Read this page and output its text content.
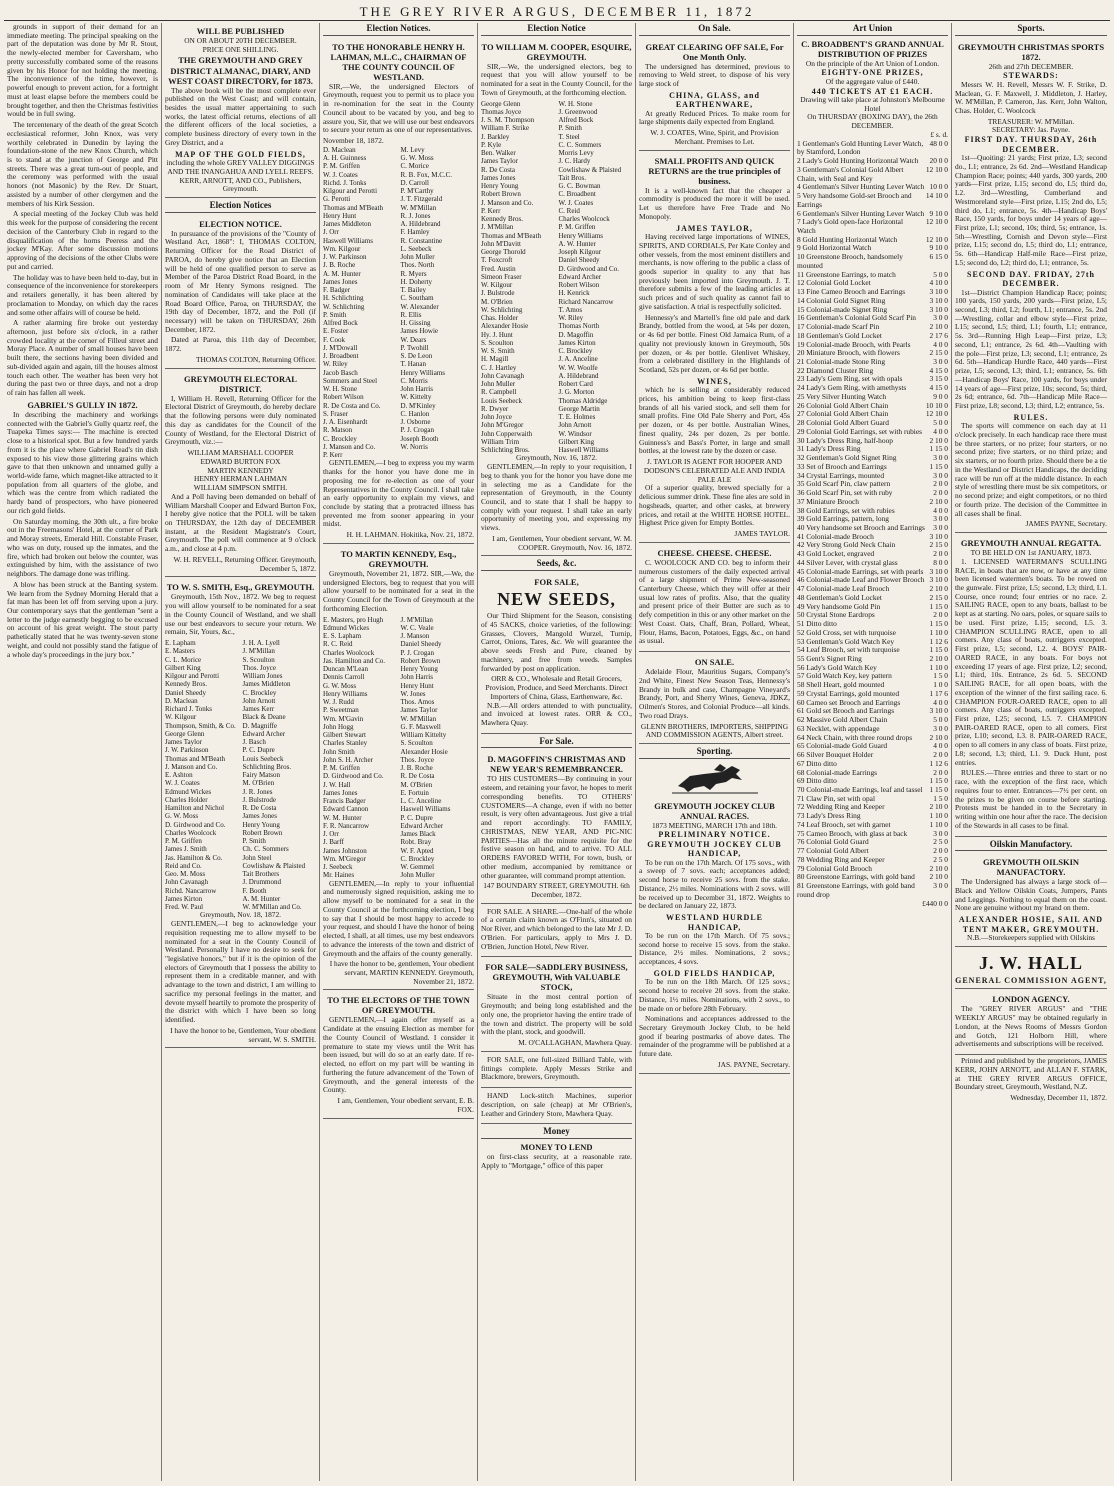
THE GREY RIVER ARGUS, DECEMBER 11, 1872

grounds in support of their demand for an immediate meeting. The principal speaking on the part of the deputation was done by Mr R. Stout, the newly-elected member for Caversham, who pretty successfully combated some of the reasons given by his Honor for not holding the meeting. The inconvenience of the time, however, is powerful enough to prevent action, for a fortnight must at least elapse before the members could be brought together, and then the Christmas festivities would be in full swing.

The tercentenary of the death of the great Scotch ecclesiastical reformer, John Knox, was very worthily celebrated in Dunedin by laying the foundation-stone of the new Knox Church, which is to stand at the junction of George and Pitt streets. There was a great turn-out of people, and the ceremony was performed with the usual honors (not Masonic) by the Rev. Dr Stuart, assisted by a number of other clergymen and the members of his Kirk Session.

A special meeting of the Jockey Club was held this week for the purpose of considering the recent decision of the Canterbury Club in regard to the disqualification of the horns Peeress and the jockey M'Kay. After some discussion motions approving of the decisions of the other Clubs were put and carried.

The holiday was to have been held to-day, but in consequence of the inconvenience for storekeepers and retailers generally, it has been altered by proclamation to Monday, on which day the races and some other affairs will of course be held.

A rather alarming fire broke out yesterday afternoon, just before six o'clock, in a rather crowded locality at the corner of Filleul street and Moray Place. A number of small houses have been built there, the sections having been divided and sub-divided again and again, till the houses almost touch each other. The weather has been very hot during the past two or three days, and not a drop of rain has fallen all week.

GABRIEL'S GULLY IN 1872.

In describing the machinery and workings connected with the Gabriel's Gully quartz reef, the Tuapeka Times says:— The machine is erected close to a historical spot. But a few hundred yards from it is the place where Gabriel Read's tin dish exposed to his view those glittering grains which gave to that then unknown and unnamed gully a world-wide fame, which magnet-like attracted to it population from all quarters of the globe, and which was the centre from which radiated the hardy band of prospectors, who have pioneered our rich gold fields.

On Saturday morning, the 30th ult., a fire broke out in the Freemasons' Hotel, at the corner of Park and Moray streets, Emerald Hill. Constable Fraser, who was on duty, roused up the inmates, and the fire, which had broken out below the counter, was extinguished by him, with the assistance of two neighbors. The damage done was trifling.

A blow has been struck at the Banting system. We learn from the Sydney Morning Herald that a fat man has been let off from serving upon a jury. Our contemporary says that the gentleman "sent a letter to the judge earnestly begging to be excused on account of his great weight. The stout party pathetically stated that he was twenty-seven stone weight, and could not possibly stand the fatigue of a whole day's proceedings in the jury box."

WILL BE PUBLISHED
ON OR ABOUT 20TH DECEMBER.
PRICE ONE SHILLING.
THE GREYMOUTH AND GREY DISTRICT ALMANAC, DIARY, AND WEST COAST DIRECTORY, for 1873.

The above book will be the most complete ever published on the West Coast; and will contain, besides the usual matter appertaining to such works, the latest official returns, elections of all the different officers of the local societies, a complete business directory of every town in the Grey District, and a

MAP OF THE GOLD FIELDS,
including the whole GREY VALLEY DIGGINGS AND THE INANGAHUA AND LYELL REEFS.
KERR, ARNOTT, AND CO., Publishers, Greymouth.
Election Notices
ELECTION NOTICE.

In pursuance of the provisions of the "County of Westland Act, 1868": I, THOMAS COLTON, Returning Officer for the Road District of PAROA, do hereby give notice that an Election will be held of one qualified person to serve as Member of the Paroa District Road Board, in the room of Mr Henry Symons resigned. The nomination of Candidates will take place at the Road Board Office, Paroa, on THURSDAY, the 19th day of December, 1872, and the Poll (if necessary) will be taken on THURSDAY, 26th December, 1872.

Dated at Paroa, this 11th day of December, 1872.

THOMAS COLTON, Returning Officer.
GREYMOUTH ELECTORAL DISTRICT.

I, William H. Revell, Returning Officer for the Electoral District of Greymouth, do hereby declare that the following persons were duly nominated this day as candidates for the Council of the County of Westland, for the Electoral District of Greymouth, viz.:—

WILLIAM MARSHALL COOPER
EDWARD BURTON FOX
MARTIN KENNEDY
HENRY HERMAN LAHMAN
WILLIAM SIMPSON SMITH.

And a Poll having been demanded on behalf of William Marshall Cooper and Edward Burton Fox, I hereby give notice that the POLL will be taken on THURSDAY, the 12th day of DECEMBER instant, at the Resident Magistrate's Court, Greymouth. The poll will commence at 9 o'clock a.m., and close at 4 p.m.

W. H. REVELL, Returning Officer. Greymouth, December 5, 1872.
TO W. S. SMITH, Esq., GREYMOUTH.

Greymouth, 15th Nov., 1872. We beg to request you will allow yourself to be nominated for a seat in the County Council of Westland, and we shall use our best endeavors to secure your return. We remain, Sir, Yours, &c.,

E. Lapham	J. H. A. Lyell
E. Masters	J. M'Millan
C. L. Morice	S. Scoulton
Gilbert King	Thos. Joyce
Kilgour and Perotti	William Jones
Kennedy Bros.	James Middleton
Daniel Sheedy	C. Brockley
D. Maclean	John Arnott
Richard J. Tonks	James Kerr
W. Kilgour	Black & Deane
Thompson, Smith, & Co. D. Magniffe
George Glenn	Edward Archer
James Taylor	J. Basch
J. W. Parkinson	P. C. Dupre
Thomas and M'Beath	Louis Seebeck
J. Manson and Co.	Schlichting Bros.
E. Ashton	Fairy Matson
W. J. Coates	M. O'Brien
Edmund Wickes	J. R. Jones
Charles Holder	J. Bulstrode
Hamilton and Nichol	R. De Costa
G. W. Moss	James Jones
D. Girdwood and Co.	Henry Young
Charles Woolcock	Robert Brown
P. M. Griffen	P. Smith
James J. Smith	Ch. C. Sommers
Jas. Hamilton & Co.	John Steel
Reid and Co.	Cowlishaw & Plaisted
Geo. M. Moss	Tait Brothers
John Cavanagh	J. Drummond
Richd. Nancarrow	F. Booth
James Kirton	A. M. Hunter
Fred. W. Paul	W. M'Millan and Co.
Greymouth, Nov. 18, 1872.

GENTLEMEN,—I beg to acknowledge your requisition requesting me to allow myself to be nominated for a seat in the County Council of Westland. Personally I have no desire to seek for "legislative honors," but if it is the opinion of the electors of Greymouth that I possess the ability to represent them in a creditable manner, and with advantage to the town and district, I am willing to sacrifice my personal feelings in the matter, and devote myself heartily to promote the prosperity of the district with which I have been so long identified.

I have the honor to be, Gentlemen, Your obedient servant, W. S. SMITH.
Election Notices.
TO THE HONORABLE HENRY H. LAHMAN, M.L.C., CHAIRMAN OF THE COUNTY COUNCIL OF WESTLAND.

SIR,—We, the undersigned Electors of Greymouth, request you to permit us to place you in re-nomination for the seat in the County Council about to be vacated by you, and beg to assure you, Sir, that we will use our best endeavors to secure your return as one of our representatives.

November 18, 1872.
D. Maclean	M. Levy
A. H. Guinness	G. W. Moss
P. M. Griffen	C. Morice
W. J. Coates	R. B. Fox, M.C.C.
Richd. J. Tonks	D. Carroll
Kilgour and Perotti	P. M'Carthy
G. Perotti	J. T. Fitzgerald
Thomas and M'Beath	W. M'Millan
Henry Hunt	R. J. Jones
James Middleton	A. Hildebrand
J. Orr	F. Hamley
Haswell Williams	R. Constantine
Wm. Kilgour	L. Seebeck
J. W. Parkinson	John Muller
J. B. Roche	Thos. North
A. M. Hunter	R. Myers
James Jones	H. Doherty
F. Badger	T. Bailey
H. Schlichting	C. Southam
W. Schlichting	W. Alexander
P. Smith	R. Ellis
Alfred Bock	H. Gissing
E. Foster	James Howie
F. Cook	W. Dears
J. M'Dowall	P. Twohill
J. Broadbent	S. De Leon
W. Riley	T. Hanan
Jacob Basch	Henry Williams
Sommers and Steel	C. Morris
W. H. Stone	John Harris
Robert Wilson	W. Kittelty
R. De Costa and Co.	D. M'Kinley
S. Fraser	C. Hanlon
J. A. Eisenhardt	J. Osborne
R. Matson	P. J. Crogan
C. Brockley	Joseph Booth
J. Manson and Co.	W. Norris
P. Kerr

GENTLEMEN,—I beg to express you my warm thanks for the honor you have done me in proposing me for re-election as one of your Representatives in the County Council. I shall take an early opportunity to explain my views, and conclude by stating that a protracted illness has prevented me from sooner appearing in your midst.

H. H. LAHMAN. Hokitika, Nov. 21, 1872.
TO MARTIN KENNEDY, Esq., GREYMOUTH.

Greymouth, November 21, 1872. SIR,—We, the undersigned Electors, beg to request that you will allow yourself to be nominated for a seat in the County Council for the Town of Greymouth at the forthcoming Election.

E. Masters, pro Hugh	J. M'Millan
Edmund Wickes	W. C. Veale
E. S. Lapham	J. Manson
R. C. Reid	Daniel Sheedy
Charles Woolcock	P. J. Crogan
Jas. Hamilton and Co.	Robert Brown
Duncan M'Lean	Henry Young
Dennis Carroll	John Harris
G. W. Moss	Henry Hunt
Henry Williams	W. Jones
W. J. Rudd	Thos. Amos
P. Sweetman	James Taylor
Wm. M'Gavin	W. M'Millan
John Hogg	G. F. Maxwell
Gilbert Stewart	William Kittelty
Charles Stanley	S. Scoulton
John Smith	Alexander Hosie
John S. H. Archer	Thos. Joyce
P. M. Griffen	J. B. Roche
D. Girdwood and Co.	R. De Costa
J. W. Hall	M. O'Brien
James Jones	E. Fortuin
Francis Badger	L. C. Anceline
Edward Cannon	Haswell Williams
W. M. Hunter	P. C. Dupre
F. R. Nancarrow	Edward Archer
J. Orr	James Black
J. Barff	Robt. Bray
James Johnston	W. F. Apted
Wm. M'Gregor	C. Brockley
J. Seebeck	W. Gemmel
Mr. Haines	John Muller

GENTLEMEN,—In reply to your influential and numerously signed requisition, asking me to allow myself to be nominated for a seat in the County Council at the forthcoming election, I beg to say that I should be most happy to accede to your request, and should I have the honor of being elected, I shall, at all times, use my best endeavors to advance the interests of the town and district of Greymouth and the affairs of the county generally.

I have the honor to be, gentlemen, Your obedient servant, MARTIN KENNEDY. Greymouth, November 21, 1872.
TO THE ELECTORS OF THE TOWN OF GREYMOUTH.

GENTLEMEN,—I again offer myself as a Candidate at the ensuing Election as member for the County Council of Westland. I consider it premature to state my views until the Writ has been issued, but will do so at an early date. If re-elected, no effort on my part will be wanting in furthering the future advancement of the Town of Greymouth, and the general interests of the County.

I am, Gentlemen, Your obedient servant, E. B. FOX.
Election Notice
TO WILLIAM M. COOPER, ESQUIRE, GREYMOUTH.

SIR,—We, the undersigned electors, beg to request that you will allow yourself to be nominated for a seat in the County Council, for the Town of Greymouth, at the forthcoming election.

George Glenn	W. H. Stone
Thomas Joyce	J. Greenwood
J. S. M. Thompson	Alfred Bock
William F. Strike	P. Smith
J. Barkley	T. Steel
P. Kyle	C. C. Sommers
Ben. Walker	Morris Levy
James Taylor	J. C. Hardy
R. De Costa	Cowlishaw & Plaisted
James Jones	Tait Bros.
Henry Young	G. C. Bowman
Robert Brown	C. Broadbent
J. Manson and Co.	W. J. Coates
P. Kerr	C. Reid
Kennedy Bros.	Charles Woolcock
J. M'Millan	P. M. Griffen
Thomas and M'Beath	Henry Williams
John M'Davitt	A. W. Hunter
George Thorold	Joseph Kilgour
T. Foxcroft	Daniel Sheedy
Fred. Austin	D. Girdwood and Co.
Simeon Fraser	Edward Archer
W. Kilgour	Robert Wilson
J. Bulstrode	H. Kenrick
M. O'Brien	Richard Nancarrow
W. Schlichting	T. Amos
Chas. Holder	W. Riley
Alexander Hosie	Thomas North
Hy. J. Hunt	D. Magoffin
S. Scoulton	James Kirton
W. S. Smith	C. Brockley
H. Magill	J. A. Anceline
C. J. Hartley	W. W. Woolfe
John Cavanagh	A. Hildebrand
John Muller	Robert Card
R. Campbell	J. G. Morton
Louis Seebeck	Thomas Aldridge
R. Dwyer	George Martin
John Joyce	T. E. Holmes
John M'Gregor	John Arnott
John Copperwaith	W. Windsor
William Trim	Gilbert King
Schlichting Bros.	Haswell Williams
Greymouth, Nov. 16, 1872.

GENTLEMEN,—In reply to your requisition, I beg to thank you for the honor you have done me in selecting me as a Candidate for the representation of Greymouth, in the County Council, and to state that I shall be happy to comply with your request. I shall take an early opportunity of meeting you, and expressing my views.

I am, Gentlemen, Your obedient servant, W. M. COOPER. Greymouth, Nov. 16, 1872.
Seeds, &c.
FOR SALE,
NEW SEEDS,

Our Third Shipment for the Season, consisting of 45 SACKS, choice varieties, of the following: Grasses, Clovers, Mangold Wurzel, Turnip, Carrot, Onions, Tares, &c. We will guarantee the above seeds Fresh and Pure, cleaned by machinery, and free from weeds. Samples forwarded by post on application.

ORR & CO., Wholesale and Retail Grocers, Provision, Produce, and Seed Merchants. Direct Importers of China, Glass, Earthenware, &c.

N.B.—All orders attended to with punctuality, and invoiced at lowest rates. ORR & CO., Mawhera Quay.

For Sale.
D. MAGOFFIN'S CHRISTMAS AND NEW YEAR'S REMEMBRANCER.

TO HIS CUSTOMERS—By continuing in your esteem, and retaining your favor, he hopes to merit corresponding benefits. TO OTHERS' CUSTOMERS—A change, even if with no better result, is very often advantageous. Just give a trial and report accordingly. TO FAMILY, CHRISTMAS, NEW YEAR, AND PIC-NIC PARTIES—Has all the minute requisite for the festive season on hand, and to arrive. TO ALL ORDERS FAVORED WITH, For town, bush, or other medium, accompanied by remittance or other guarantee, will command prompt attention.

147 BOUNDARY STREET, GREYMOUTH. 6th December, 1872.

FOR SALE. A SHARE.—One-half of the whole of a certain claim known as O'Finn's, situated on Nor River, and which belonged to the late Mr J. D. O'Brien. For particulars, apply to Mrs J. D. O'Brien, Junction Hotel, New River.

FOR SALE—SADDLERY BUSINESS, GREYMOUTH, With VALUABLE STOCK,

Situate in the most central portion of Greymouth; and being long established and the only one, the proprietor having the entire trade of the town and district. The property will be sold with the plant, stock, and goodwill.

M. O'CALLAGHAN, Mawhera Quay.

FOR SALE, one full-sized Billiard Table, with fittings complete. Apply Messrs Strike and Blackmore, brewers, Greymouth.

HAND Lock-stitch Machines, superior description, on sale (cheap) at Mr O'Brien's, Leather and Grindery Store, Mawhera Quay.

Money
MONEY TO LEND

on first-class security, at a reasonable rate. Apply to "Mortgage," office of this paper

On Sale.
GREAT CLEARING OFF SALE, For One Month Only.

The undersigned has determined, previous to removing to Weld street, to dispose of his very large stock of

CHINA, GLASS, and EARTHENWARE,

At greatly Reduced Prices. To make room for large shipments daily expected from England.

W. J. COATES, Wine, Spirit, and Provision Merchant. Premises to Let.
SMALL PROFITS AND QUICK RETURNS are the true principles of business.

It is a well-known fact that the cheaper a commodity is produced the more it will be used. Let us therefore have Free Trade and No Monopoly.

JAMES TAYLOR,

Having received large importations of WINES, SPIRITS, AND CORDIALS, Per Kate Conley and other vessels, from the most eminent distillers and merchants, is now offering to the public a class of goods superior in quality to any that has previously been imported into Greymouth. J. T. therefore submits a few of the leading articles at such prices and of such quality as cannot fail to give satisfaction. A trial is respectfully solicited.

Hennessy's and Martell's fine old pale and dark Brandy, bottled from the wood, at 54s per dozen, or 4s 6d per bottle. Finest Old Jamaica Rum, of a quality not previously known in Greymouth, 50s per dozen, or 4s per bottle. Glenlivet Whiskey, from a celebrated distillery in the Highlands of Scotland, 52s per dozen, or 4s 6d per bottle.

WINES,

which he is selling at considerably reduced prices, his ambition being to keep first-class brands of all his varied stock, and sell them for small profits. Fine Old Pale Sherry and Port, 45s per dozen, or 4s per bottle. Australian Wines, finest quality, 24s per dozen, 2s per bottle. Guinness's and Bass's Porter, in large and small bottles, at the lowest rate by the dozen or case.

J. TAYLOR IS AGENT FOR HOOPER AND DODSON'S CELEBRATED ALE AND INDIA PALE ALE

Of a superior quality, brewed specially for a delicious summer drink. These fine ales are sold in hogsheads, quarter, and other casks, at brewery prices, and retail at the WHITE HORSE HOTEL. Highest Price given for Empty Bottles.

JAMES TAYLOR.
CHEESE. CHEESE. CHEESE.

C. WOOLCOCK AND CO. beg to inform their numerous customers of the daily expected arrival of a large shipment of Prime New-seasoned Canterbury Cheese, which they will offer at their usual low rates of profits. Also, that the quality and present price of their Butter are such as to defy competition in this or any other market on the West Coast. Oats, Chaff, Bran, Pollard, Wheat, Flour, Hams, Bacon, Potatoes, Eggs, &c., on hand as usual.

ON SALE.

Adelaide Flour, Mauritius Sugars, Company's 2nd White, Finest New Season Teas, Hennessy's Brandy in bulk and case, Champagne Vineyard's Brandy, Port, and Sherry Wines, Geneva, JDKZ, Oilmen's Stores, and Colonial Produce—all kinds. Two road Drays.

GLENN BROTHERS, IMPORTERS, SHIPPING AND COMMISSION AGENTS, Albert street.
Sporting.
GREYMOUTH JOCKEY CLUB ANNUAL RACES.
1873 MEETING, MARCH 17th and 18th.
PRELIMINARY NOTICE.
GREYMOUTH JOCKEY CLUB HANDICAP,

To be run on the 17th March. Of 175 sovs., with a sweep of 7 sovs. each; acceptances added; second horse to receive 25 sovs. from the stake. Distance, 2½ miles. Nominations with 2 sovs. will be received up to December 31, 1872. Weights to be declared on January 22, 1873.

WESTLAND HURDLE HANDICAP,

To be run on the 17th March. Of 75 sovs.; second horse to receive 15 sovs. from the stake. Distance, 2½ miles. Nominations, 2 sovs.; acceptances, 4 sovs.

GOLD FIELDS HANDICAP,

To be run on the 18th March. Of 125 sovs.; second horse to receive 20 sovs. from the stake. Distance, 1½ miles. Nominations, with 2 sovs., to be made on or before 28th February.

Nominations and acceptances addressed to the Secretary Greymouth Jockey Club, to be held good if bearing postmarks of above dates. The remainder of the programme will be published at a future date.

JAS. PAYNE, Secretary.
Art Union
C. BROADBENT'S GRAND ANNUAL DISTRIBUTION OF PRIZES
On the principle of the Art Union of London.
EIGHTY-ONE PRIZES,
Of the aggregate value of £440.
440 TICKETS AT £1 EACH.
Drawing will take place at Johnston's Melbourne Hotel
On THURSDAY (BOXING DAY), the 26th DECEMBER.
£ s. d.
1 Gentleman's Gold Hunting Lever Watch, by Stamford, London
48 0 0
2 Lady's Gold Hunting Horizontal Watch	20 0 0
3 Gentleman's Colonial Gold Albert Chain, with Seal and Key
12 10 0
4 Gentleman's Silver Hunting Lever Watch 10 0 0
5 Very handsome Gold-set Brooch and Earrings
14 10 0
6 Gentleman's Silver Hunting Lever Watch 9 10 0
7 Lady's Gold open-face Horizontal Watch
12 10 0
8 Gold Hunting Horizontal Watch	12 10 0
9 Gold Horizontal Watch	9 10 0
10 Greenstone Brooch, handsomely mounted
6 15 0
11 Greenstone Earrings, to match	5 0 0
12 Colonial Gold Locket	4 10 0
13 Fine Cameo Brooch and Earrings	3 10 0
14 Colonial Gold Signet Ring	3 10 0
15 Colonial-made Signet Ring	3 10 0
16 Gentleman's Colonial Gold Scarf Pin	3 0 0
17 Colonial-made Scarf Pin	2 10 0
18 Gentleman's Gold Locket	2 17 6
19 Colonial-made Brooch, with Pearls	4 0 0
20 Miniature Brooch, with flowers	2 15 0
21 Colonial-made Stone Ring	3 0 0
22 Diamond Cluster Ring	4 15 0
23 Lady's Gem Ring, set with opals	3 15 0
24 Lady's Gem Ring, with amethysts	4 15 0
25 Very Silver Hunting Watch	9 0 0
26 Colonial Gold Albert Chain	10 10 0
27 Colonial Gold Albert Chain	12 10 0
28 Colonial Gold Albert Guard	5 0 0
29 Colonial Gold Earrings, set with rubies	4 0 0
30 Lady's Dress Ring, half-hoop	2 10 0
31 Lady's Dress Ring	1 15 0
32 Gentleman's Gold Signet Ring	3 0 0
33 Set of Brooch and Earrings	1 15 0
34 Crystal Earrings, mounted	3 0 0
35 Gold Scarf Pin, claw pattern	2 0 0
36 Gold Scarf Pin, set with ruby	2 0 0
37 Miniature Brooch	2 10 0
38 Gold Earrings, set with rubies	4 0 0
39 Gold Earrings, pattern, long	3 0 0
40 Very handsome set Brooch and Earrings	3 0 0
41 Colonial-made Brooch	3 10 0
42 Very Strong Gold Neck Chain	2 15 0
43 Gold Locket, engraved	2 0 0
44 Silver Lever, with crystal glass	8 0 0
45 Colonial-made Earrings, set with pearls 3 10 0
46 Colonial-made Leaf and Flower Brooch 3 10 0
47 Colonial-made Leaf Brooch	2 10 0
48 Gentleman's Gold Locket	2 15 0
49 Very handsome Gold Pin	1 15 0
50 Crystal Stone Eardrops	2 0 0
51 Ditto ditto	1 15 0
52 Gold Cross, set with turquoise	1 10 0
53 Gentleman's Gold Watch Key	1 12 6
54 Leaf Brooch, set with turquoise	1 15 0
55 Gent's Signet Ring	2 10 0
56 Lady's Gold Watch Key	1 10 0
57 Gold Watch Key, key pattern	1 5 0
58 Shell Heart, gold mounted	1 0 0
59 Crystal Earrings, gold mounted	1 17 6
60 Cameo set Brooch and Earrings	4 0 0
61 Gold set Brooch and Earrings	3 10 0
62 Massive Gold Albert Chain	5 0 0
63 Necklet, with appendage	3 0 0
64 Neck Chain, with three round drops	2 10 0
65 Colonial-made Gold Guard	4 0 0
66 Silver Bouquet Holder	2 0 0
67 Ditto ditto	1 12 6
68 Colonial-made Earrings	2 0 0
69 Ditto ditto	1 15 0
70 Colonial-made Earrings, leaf and tassel 1 15 0
71 Claw Pin, set with opal	1 5 0
72 Wedding Ring and Keeper	2 10 0
73 Lady's Dress Ring	1 10 0
74 Leaf Brooch, set with garnet	1 10 0
75 Cameo Brooch, with glass at back	3 0 0
76 Colonial Gold Guard	2 5 0
77 Colonial Gold Albert	2 0 0
78 Wedding Ring and Keeper	2 5 0
79 Colonial Gold Brooch	2 10 0
80 Greenstone Earrings, with gold band	2 10 0
81 Greenstone Earrings, with gold band round drop
3 0 0
£440 0 0
Sports.
GREYMOUTH CHRISTMAS SPORTS 1872.
26th and 27th DECEMBER.
STEWARDS:

Messrs W. H. Revell, Messrs W. F. Strike, D. Maclean, G. F. Maxwell, J. Middleton, J. Harley, W. M'Millan, P. Cameron, Jas. Kerr, John Walton, Chas. Holder, C. Woolcock

TREASURER: W. M'Millan.
SECRETARY: Jas. Payne.
FIRST DAY. THURSDAY, 26th DECEMBER.

1st—Quoiting: 21 yards; First prize, L3; second do., L1; entrance, 2s 6d. 2nd—Westland Handicap Champion Race; points; 440 yards, 300 yards, 200 yards—First prize, L15; second do, L5; third do, L2. 3rd—Wrestling, Cumberland and Westmoreland style—First prize, L15; 2nd do, L5; third do, L1; entrance, 5s. 4th—Handicap Boys' Race, 150 yards, for boys under 14 years of age—First prize, L1; second, 10s; third, 5s; entrance, 1s. 5th—Wrestling, Cornish and Devon style—First prize, L15; second do, L5; third do, L1; entrance, 5s. 6th—Handicap Half-mile Race—First prize, L5; second do, L2; third do, L1; entrance, 5s.

SECOND DAY. FRIDAY, 27th DECEMBER.

1st—District Champion Handicap Race; points; 100 yards, 150 yards, 200 yards—First prize, L5; second, L3; third, L2; fourth, L1; entrance, 5s. 2nd—Wrestling, collar and elbow style—First prize, L15; second, L5; third, L1; fourth, L1; entrance, 5s. 3rd—Running High Leap—First prize, L3; second, L1; entrance, 2s 6d. 4th—Vaulting with the pole—First prize, L3; second, L1; entrance, 2s 6d. 5th—Handicap Hurdle Race, 440 yards—First prize, L5; second, L3; third, L1; entrance, 5s. 6th—Handicap Boys' Race, 100 yards, for boys under 14 years of age—First prize, 10s; second, 5s; third, 2s 6d; entrance, 6d. 7th—Handicap Mile Race—First prize, L8; second, L3; third, L2; entrance, 5s.

RULES.

The sports will commence on each day at 11 o'clock precisely. In each handicap race there must be three starters, or no prize; four starters, or no second prize; five starters, or no third prize; and six starters, or no fourth prize. Should there be a tie in the Westland or District Handicaps, the deciding race will be run off at the middle distance. In each style of wrestling there must be six competitors, or no second prize; and eight competitors, or no third or fourth prize. The decision of the Committee in all cases shall be final.

JAMES PAYNE, Secretary.
GREYMOUTH ANNUAL REGATTA.
TO BE HELD ON 1st JANUARY, 1873.

1. LICENSED WATERMAN'S SCULLING RACE, in boats that are now, or have at any time been licensed watermen's boats. To be rowed on the gunwale. First prize, L5; second, L3; third, L1. Course, once round; four entries or no race. 2. SAILING RACE, open to any boats, ballast to be kept as at starting. No oars, poles, or square sails to be used. First prize, L15; second, L5. 3. CHAMPION SCULLING RACE, open to all comers. Any class of boats, outriggers excepted. First prize, L5; second, L2. 4. BOYS' PAIR-OARED RACE, in any boats. For boys not exceeding 17 years of age. First prize, L2; second, L1; third, 10s. Entrance, 2s 6d. 5. SECOND SAILING RACE, for all open boats, with the exception of the winner of the first sailing race. 6. CHAMPION FOUR-OARED RACE, open to all comers. Any class of boats, outriggers excepted. First prize, L25; second, L5. 7. CHAMPION PAIR-OARED RACE, open to all comers. First prize, L10; second, L3. 8. PAIR-OARED RACE, open to all comers in any class of boats. First prize, L8; second, L3; third, L1. 9. Duck Hunt, post entries.

RULES.—Three entries and three to start or no race, with the exception of the first race, which requires four to enter. Entrances—7½ per cent. on the prizes to be given on course before starting. Protests must be handed in to the Secretary in writing within one hour after the race. The decision of the Stewards in all cases to be final.

Oilskin Manufactory.
GREYMOUTH OILSKIN MANUFACTORY.

The Undersigned has always a large stock of—Black and Yellow Oilskin Coats, Jumpers, Pants and Leggings. Nothing to equal them on the coast. None are genuine without my brand on them.

ALEXANDER HOSIE, SAIL AND TENT MAKER, GREYMOUTH.
N.B.—Storekeepers supplied with Oilskins
J. W. HALL
GENERAL COMMISSION AGENT,
LONDON AGENCY.

The "GREY RIVER ARGUS" and "THE WEEKLY ARGUS" may be obtained regularly in London, at the News Rooms of Messrs Gordon and Gotch, 121 Holborn Hill, where advertisements and subscriptions will be received.

Printed and published by the proprietors, JAMES KERR, JOHN ARNOTT, and ALLAN F. STARK, at THE GREY RIVER ARGUS OFFICE, Boundary street, Greymouth, Westland, N.Z.

Wednesday, December 11, 1872.
